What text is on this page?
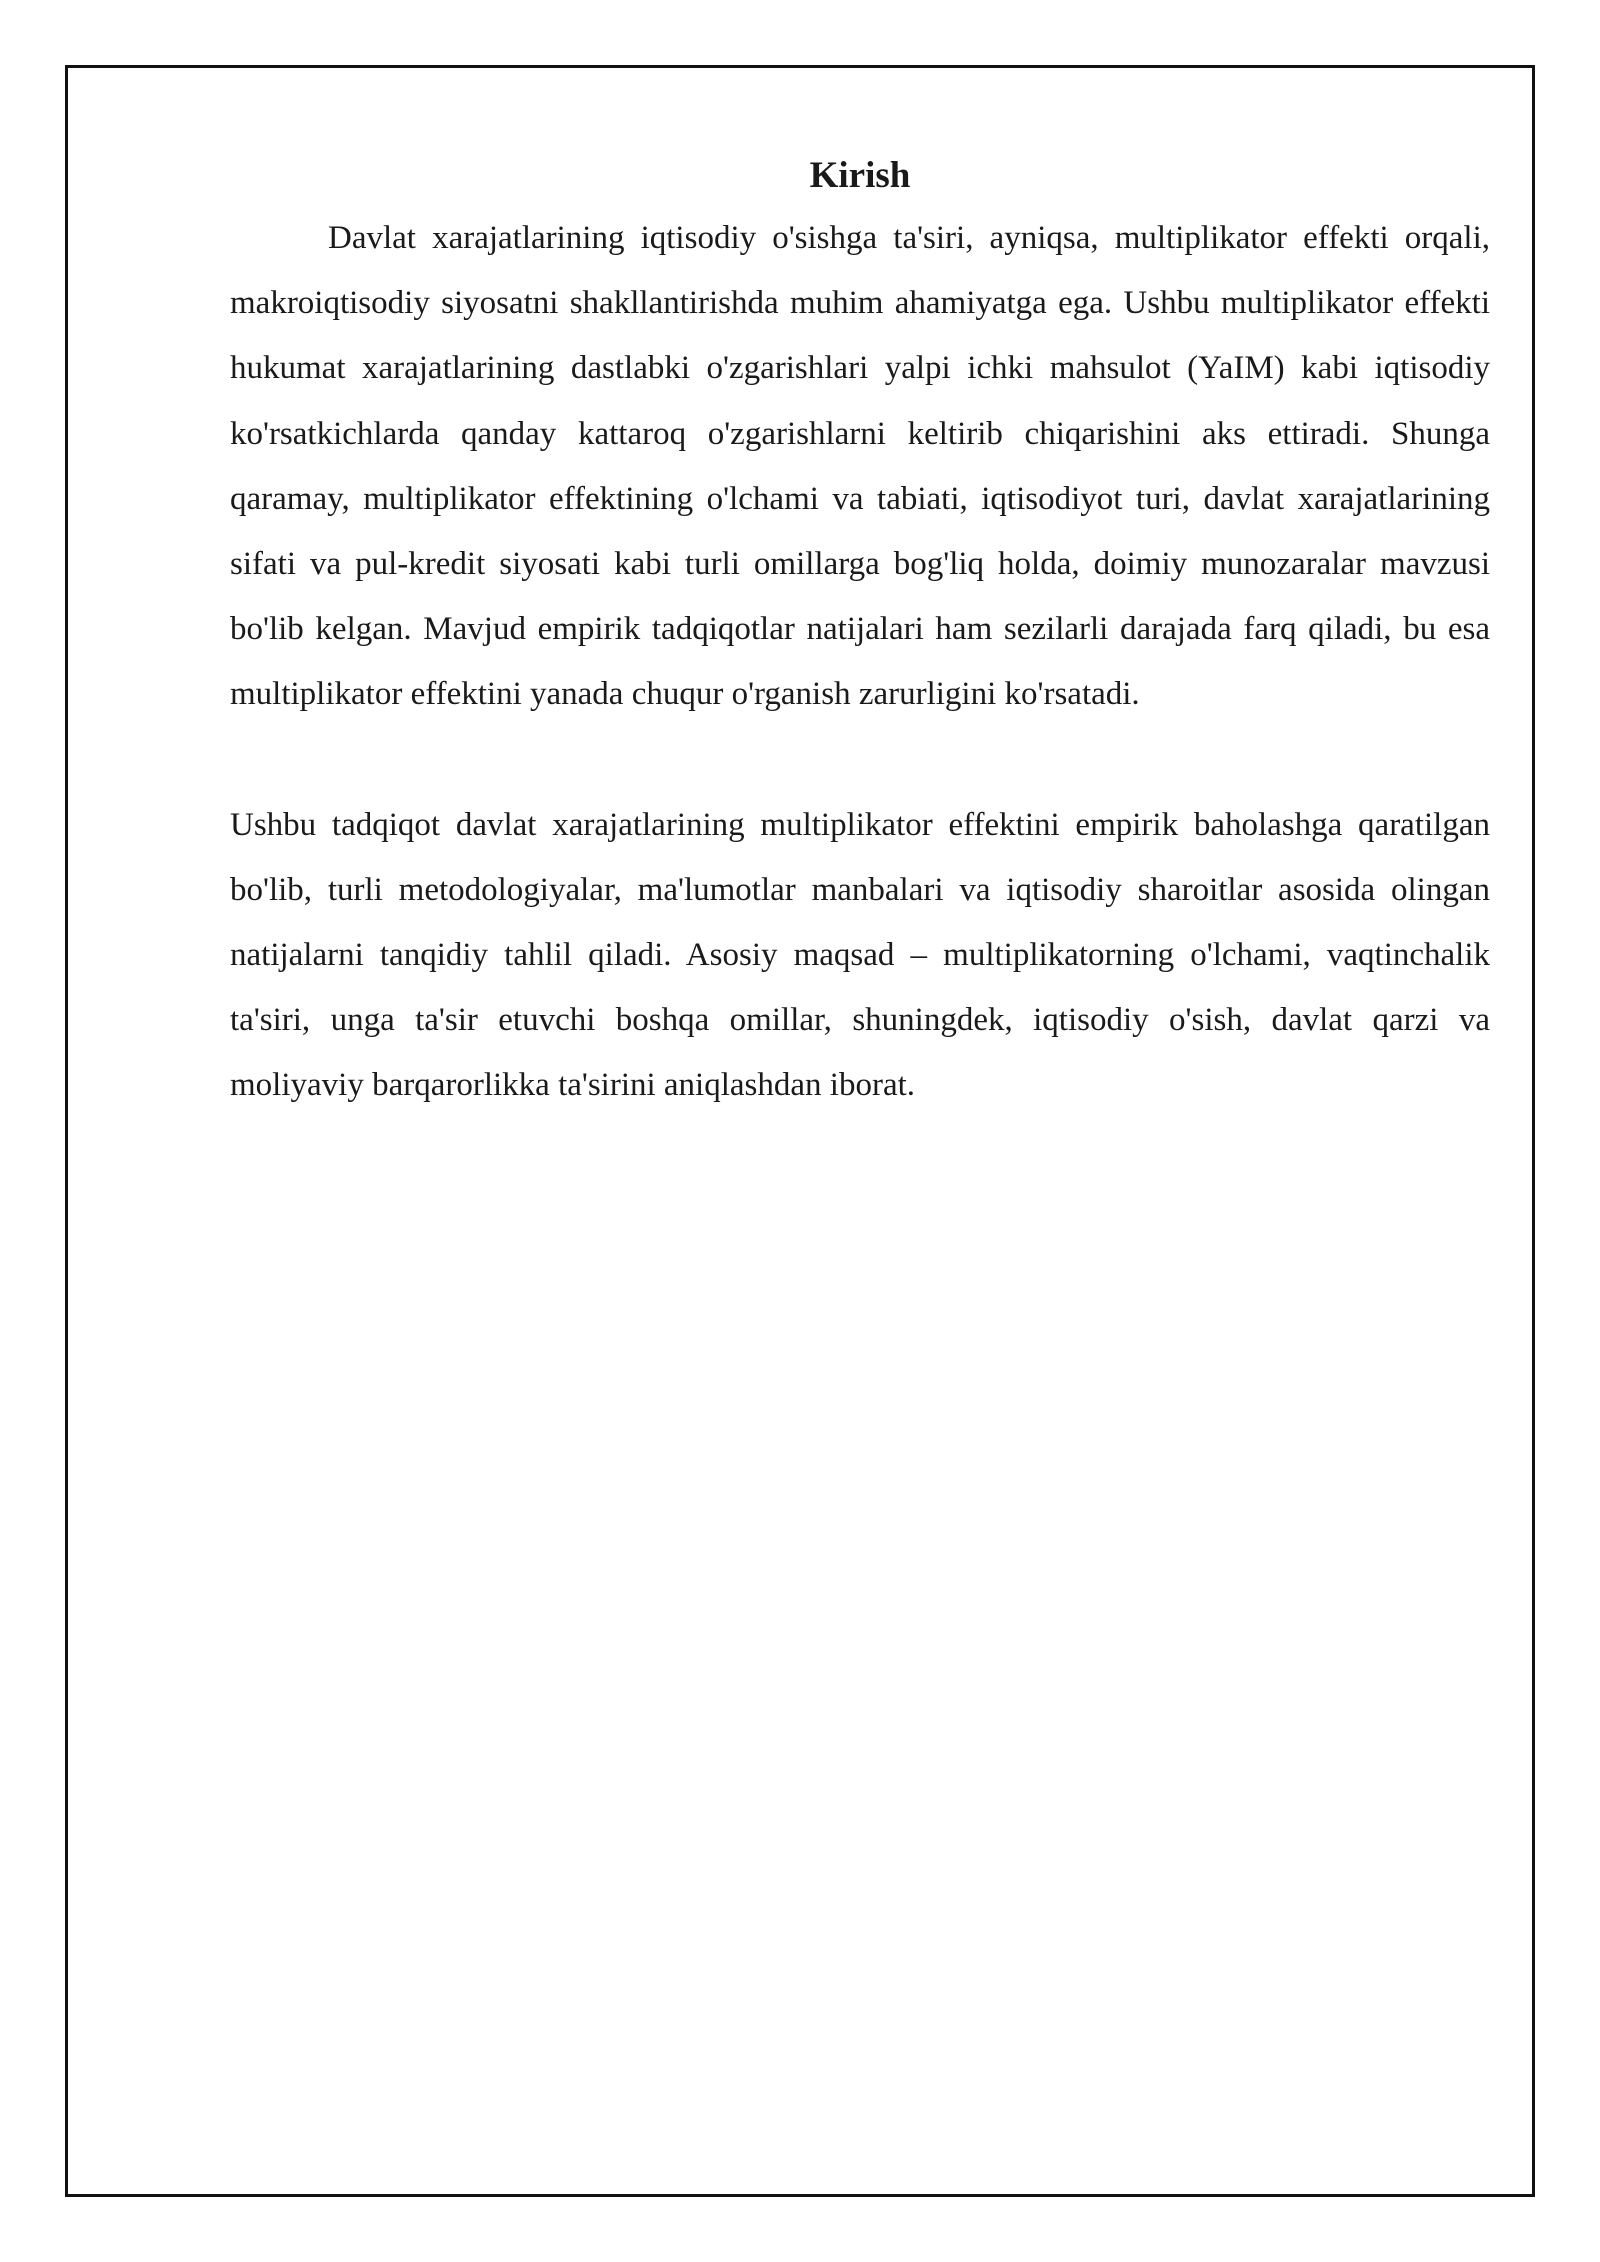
Kirish

Davlat xarajatlarining iqtisodiy o'sishga ta'siri, ayniqsa, multiplikator effekti orqali, makroiqtisodiy siyosatni shakllantirishda muhim ahamiyatga ega. Ushbu multiplikator effekti hukumat xarajatlarining dastlabki o'zgarishlari yalpi ichki mahsulot (YaIM) kabi iqtisodiy ko'rsatkichlarda qanday kattaroq o'zgarishlarni keltirib chiqarishini aks ettiradi. Shunga qaramay, multiplikator effektining o'lchami va tabiati, iqtisodiyot turi, davlat xarajatlarining sifati va pul-kredit siyosati kabi turli omillarga bog'liq holda, doimiy munozaralar mavzusi bo'lib kelgan. Mavjud empirik tadqiqotlar natijalari ham sezilarli darajada farq qiladi, bu esa multiplikator effektini yanada chuqur o'rganish zarurligini ko'rsatadi.

Ushbu tadqiqot davlat xarajatlarining multiplikator effektini empirik baholashga qaratilgan bo'lib, turli metodologiyalar, ma'lumotlar manbalari va iqtisodiy sharoitlar asosida olingan natijalarni tanqidiy tahlil qiladi. Asosiy maqsad – multiplikatorning o'lchami, vaqtinchalik ta'siri, unga ta'sir etuvchi boshqa omillar, shuningdek, iqtisodiy o'sish, davlat qarzi va moliyaviy barqarorlikka ta'sirini aniqlashdan iborat.
